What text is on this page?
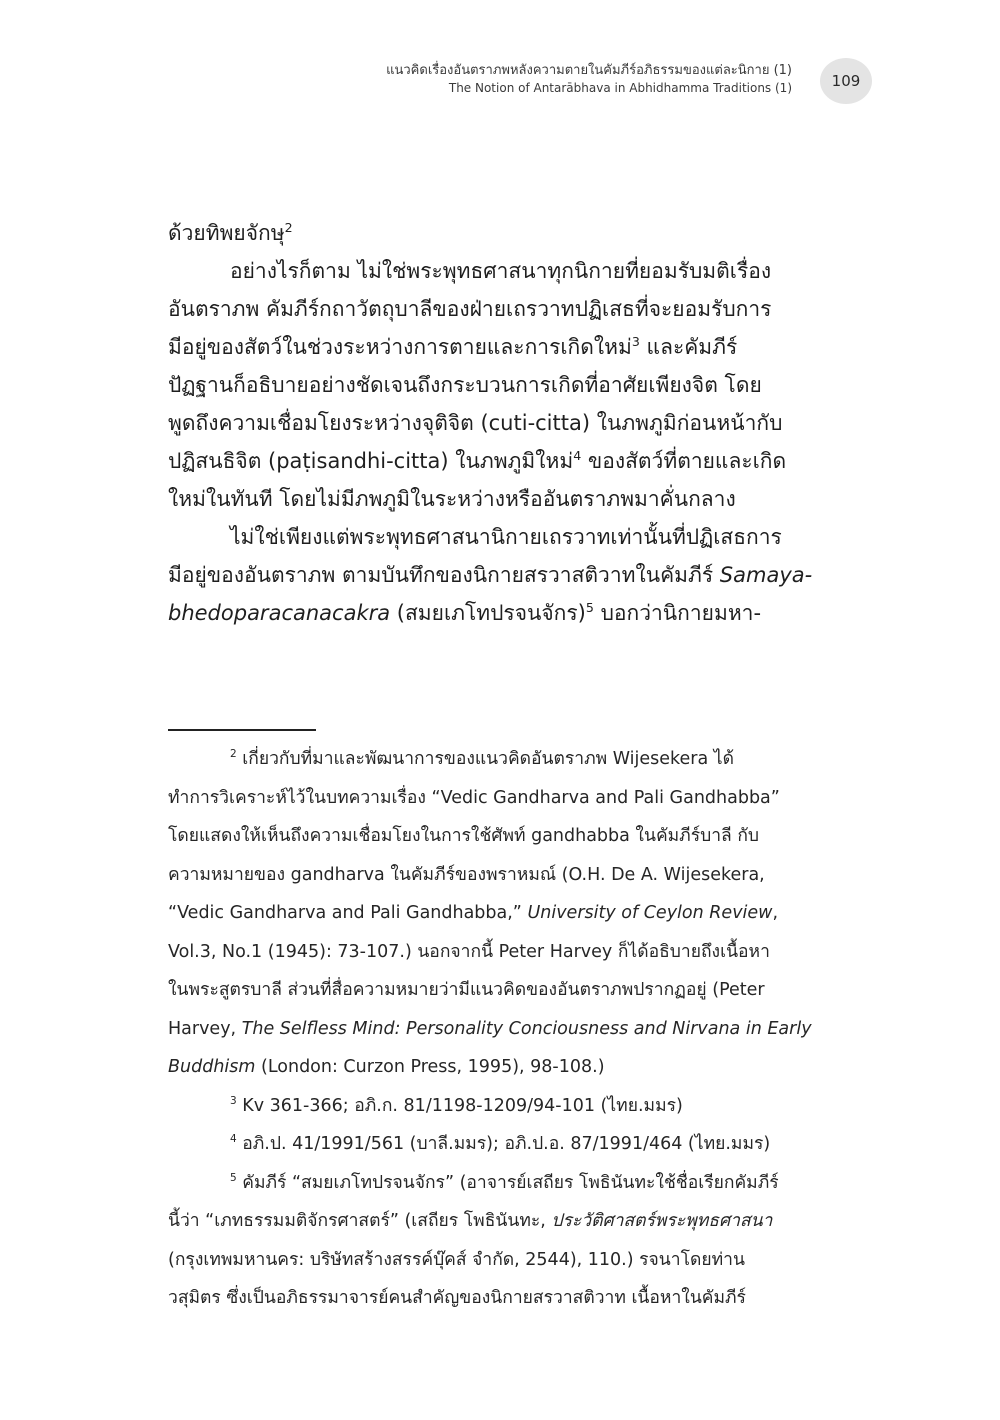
แนวคิดเรื่องอันตราภพหลังความตายในคัมภีร์อภิธรรมของแต่ละนิกาย (1)
The Notion of Antarābhava in Abhidhamma Traditions (1)	109
ด้วยทิพยจักษุ$^2$
อย่างไรก็ตาม ไม่ใช่พระพุทธศาสนาทุกนิกายที่ยอมรับมติเรื่อง
อันตราภพ คัมภีร์กถาวัตถุบาลีของฝ่ายเถรวาทปฏิเสธที่จะยอมรับการ
มีอยู่ของสัตว์ในช่วงระหว่างการตายและการเกิดใหม่$^3$ และคัมภีร์
ปัฏฐานก็อธิบายอย่างชัดเจนถึงกระบวนการเกิดที่อาศัยเพียงจิต โดย
พูดถึงความเชื่อมโยงระหว่างจุติจิต (cuti-citta) ในภพภูมิก่อนหน้ากับ
ปฏิสนธิจิต (paṭisandhi-citta) ในภพภูมิใหม่$^4$ ของสัตว์ที่ตายและเกิด
ใหม่ในทันที โดยไม่มีภพภูมิในระหว่างหรืออันตราภพมาคั่นกลาง
ไม่ใช่เพียงแต่พระพุทธศาสนานิกายเถรวาทเท่านั้นที่ปฏิเสธการ
มีอยู่ของอันตราภพ ตามบันทึกของนิกายสรวาสติวาทในคัมภีร์ Samaya-
bhedoparacanacakra (สมยเภโทปรจนจักร)$^5$ บอกว่านิกายมหา-
$^2$ เกี่ยวกับที่มาและพัฒนาการของแนวคิดอันตราภพ Wijesekera ได้
ทำการวิเคราะห์ไว้ในบทความเรื่อง “Vedic Gandharva and Pali Gandhabba”
โดยแสดงให้เห็นถึงความเชื่อมโยงในการใช้ศัพท์ gandhabba ในคัมภีร์บาลี กับ
ความหมายของ gandharva ในคัมภีร์ของพราหมณ์ (O.H. De A. Wijesekera,
“Vedic Gandharva and Pali Gandhabba,” University of Ceylon Review,
Vol.3, No.1 (1945): 73-107.) นอกจากนี้ Peter Harvey ก็ได้อธิบายถึงเนื้อหา
ในพระสูตรบาลี ส่วนที่สื่อความหมายว่ามีแนวคิดของอันตราภพปรากฏอยู่ (Peter
Harvey, The Selfless Mind: Personality Conciousness and Nirvana in Early
Buddhism (London: Curzon Press, 1995), 98-108.)
$^3$ Kv 361-366; อภิ.ก. 81/1198-1209/94-101 (ไทย.มมร)
$^4$ อภิ.ป. 41/1991/561 (บาลี.มมร); อภิ.ป.อ. 87/1991/464 (ไทย.มมร)
$^5$ คัมภีร์ “สมยเภโทปรจนจักร” (อาจารย์เสถียร โพธินันทะใช้ชื่อเรียกคัมภีร์
นี้ว่า “เภทธรรมมติจักรศาสตร์” (เสถียร โพธินันทะ, ประวัติศาสตร์พระพุทธศาสนา
(กรุงเทพมหานคร: บริษัทสร้างสรรค์บุ๊คส์ จำกัด, 2544), 110.) รจนาโดยท่าน
วสุมิตร ซึ่งเป็นอภิธรรมาจารย์คนสำคัญของนิกายสรวาสติวาท เนื้อหาในคัมภีร์
